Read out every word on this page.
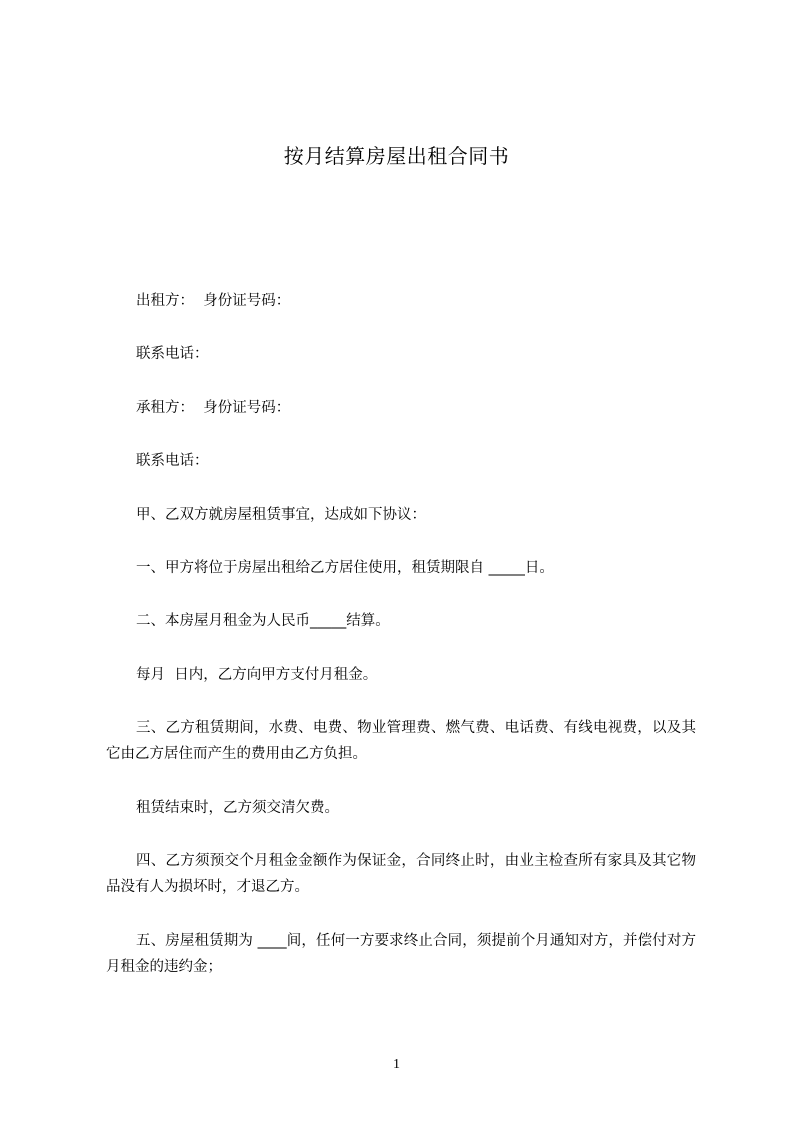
按月结算房屋出租合同书
出租方：  身份证号码：
联系电话：
承租方：  身份证号码：
联系电话：
甲、乙双方就房屋租赁事宜，达成如下协议：
一、甲方将位于房屋出租给乙方居住使用，租赁期限自 _____日。
二、本房屋月租金为人民币_____结算。
每月  日内，乙方向甲方支付月租金。
三、乙方租赁期间，水费、电费、物业管理费、燃气费、电话费、有线电视费，以及其它由乙方居住而产生的费用由乙方负担。
租赁结束时，乙方须交清欠费。
四、乙方须预交个月租金金额作为保证金，合同终止时，由业主检查所有家具及其它物品没有人为损坏时，才退乙方。
五、房屋租赁期为 ____间，任何一方要求终止合同，须提前个月通知对方，并偿付对方月租金的违约金；
1
